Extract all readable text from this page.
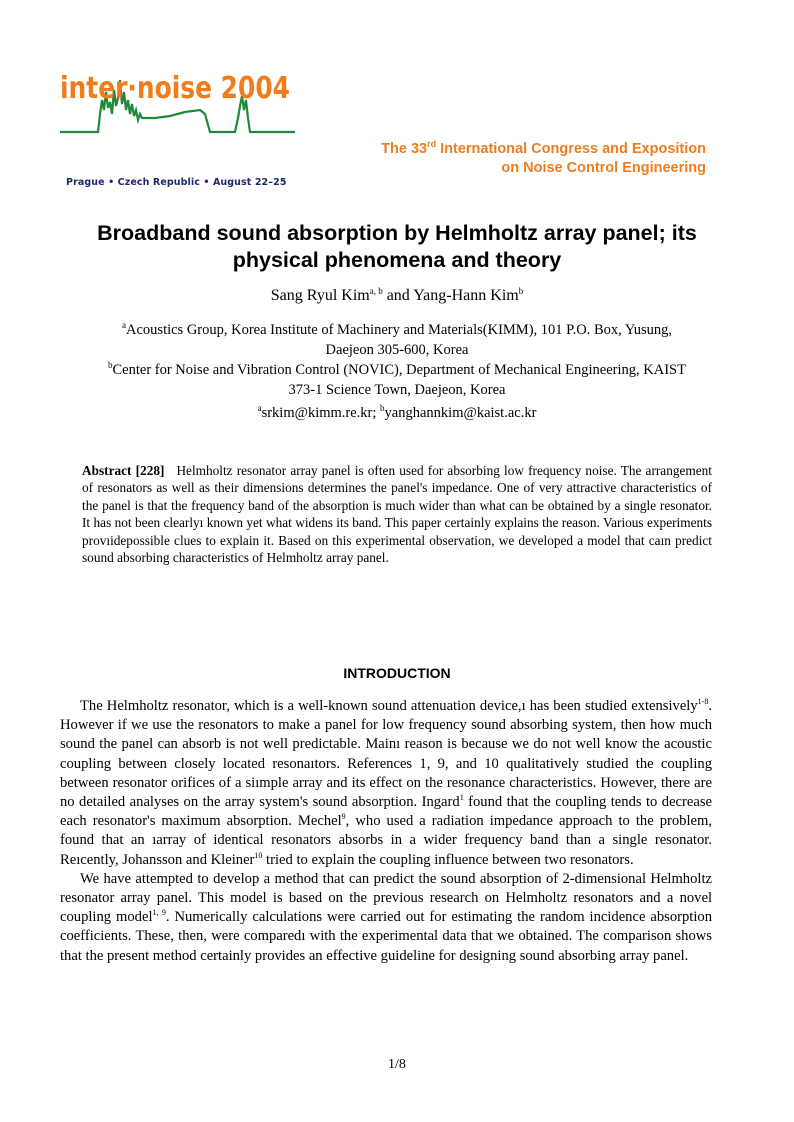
inter·noise 2004
Prague • Czech Republic • August 22–25
The 33rd International Congress and Exposition
on Noise Control Engineering
Broadband sound absorption by Helmholtz array panel; its
physical phenomena and theory
Sang Ryul Kim$^{a, b}$ and Yang-Hann Kim$^b$
$^a$Acoustics Group, Korea Institute of Machinery and Materials(KIMM), 101 P.O. Box, Yusung,
Daejeon 305-600, Korea
$^b$Center for Noise and Vibration Control (NOVIC), Department of Mechanical Engineering, KAIST
373-1 Science Town, Daejeon, Korea
$^a$srkim@kimm.re.kr; $^b$yanghannkim@kaist.ac.kr
Abstract [228] Helmholtz resonator array panel is often used for absorbing low frequency noise. The arrangement of resonators as well as their dimensions determines the panel's impedance. One of very attractive characteristics of the panel is that the frequency band of the absorption is much wider than what can be obtained by a single resonator. It has not been clearlyı known yet what widens its band. This paper certainly explains the reason. Various experiments provıidepossible clues to explain it. Based on this experimental observation, we developed a model that caın predict sound absorbing characteristics of Helmholtz array panel.
INTRODUCTION

The Helmholtz resonator, which is a well-known sound attenuation device,ı has been studied extensively$^{1-8}$. However if we use the resonators to make a panel for low frequency sound absorbing system, then how much sound the panel can absorb is not well predictable. Mainı reason is because we do not well know the acoustic coupling between closely located resonaıtors. References 1, 9, and 10 qualitatively studied the coupling between resonator orifices of a siımple array and its effect on the resonance characteristics. However, there are no detailed analyses on the array system's sound absorption. Ingard$^1$ found that the coupling tends to decrease each resonator's maximum absorption. Mechel$^9$, who used a radiation impedance approach to the problem, found that an ıarray of identical resonators absorbs in a wider frequency band than a single resonator. Reıcently, Johansson and Kleiner$^{10}$ tried to explain the coupling influence between two resonators.

We have attempted to develop a method that can predict the sound absorption of 2-dimensional Helmholtz resonator array panel. This model is based on the previous research on Helmholtz resonators and a novel coupling model$^{1, 9}$. Numerically calculations were carried out for estimating the random incidence absorption coefficients. These, then, were comparedı with the experimental data that we obtained. The comparison shows that the present method certainly provides an effective guideline for designing sound absorbing array panel.

1/8
